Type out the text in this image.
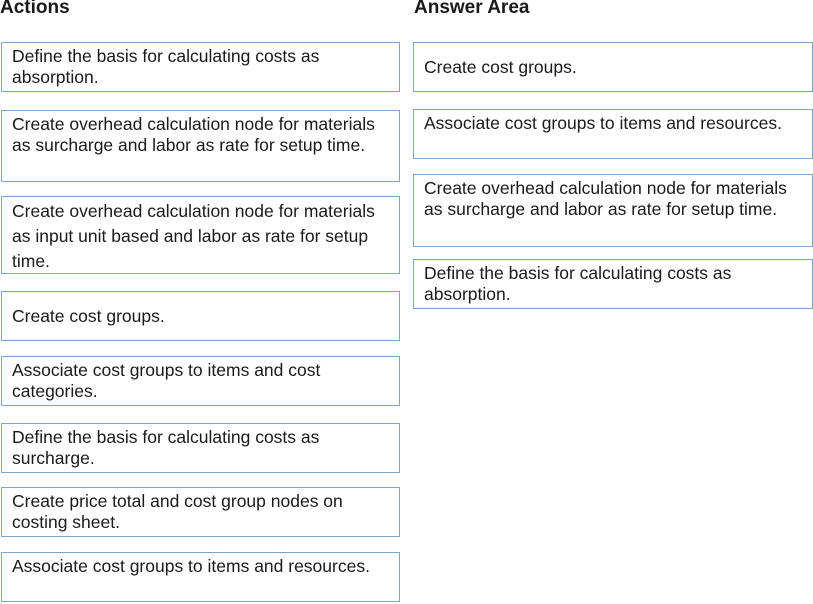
Actions	Answer Area
Define the basis for calculating costs as absorption.
Create overhead calculation node for materials as surcharge and labor as rate for setup time.
Create overhead calculation node for materials as input unit based and labor as rate for setup time.
Create cost groups.
Associate cost groups to items and cost categories.
Define the basis for calculating costs as surcharge.
Create price total and cost group nodes on costing sheet.
Associate cost groups to items and resources.
Create cost groups.
Associate cost groups to items and resources.
Create overhead calculation node for materials as surcharge and labor as rate for setup time.
Define the basis for calculating costs as absorption.
